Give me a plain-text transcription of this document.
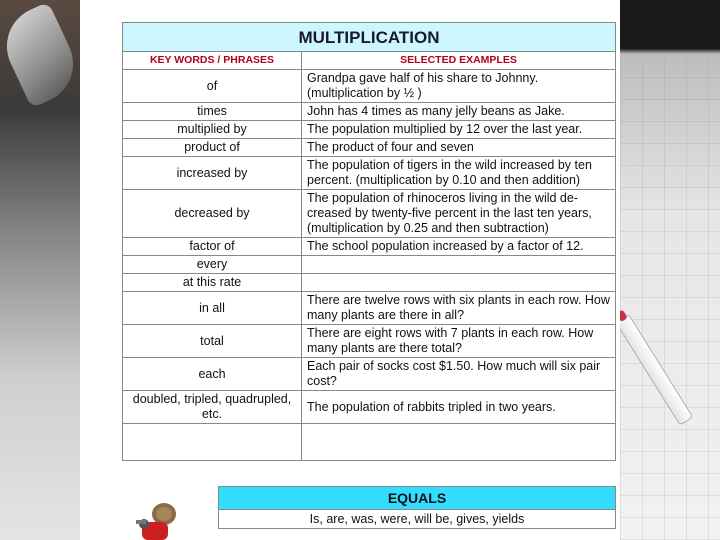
MULTIPLICATION	
KEY WORDS / PHRASES	SELECTED EXAMPLES
of	Grandpa gave half of his share to Johnny. (multiplication by ½ )
times	John has 4 times as many jelly beans as Jake.
multiplied by	The population multiplied by 12 over the last year.
product of	The product of four and seven
increased by	The population of tigers in the wild increased by ten percent. (multiplication by 0.10 and then addition)
decreased by	The population of rhinoceros living in the wild de-creased by twenty-five percent in the last ten years, (multiplication by 0.25 and then subtraction)
factor of	The school population increased by a factor of 12.
every	
at this rate	
in all	There are twelve rows with six plants in each row. How many plants are there in all?
total	There are eight rows with 7 plants in each row. How many plants are there total?
each	Each pair of socks cost $1.50. How much will six pair cost?
doubled, tripled, quadrupled, etc.	The population of rabbits tripled in two years.

EQUALS
Is, are, was, were, will be, gives, yields
